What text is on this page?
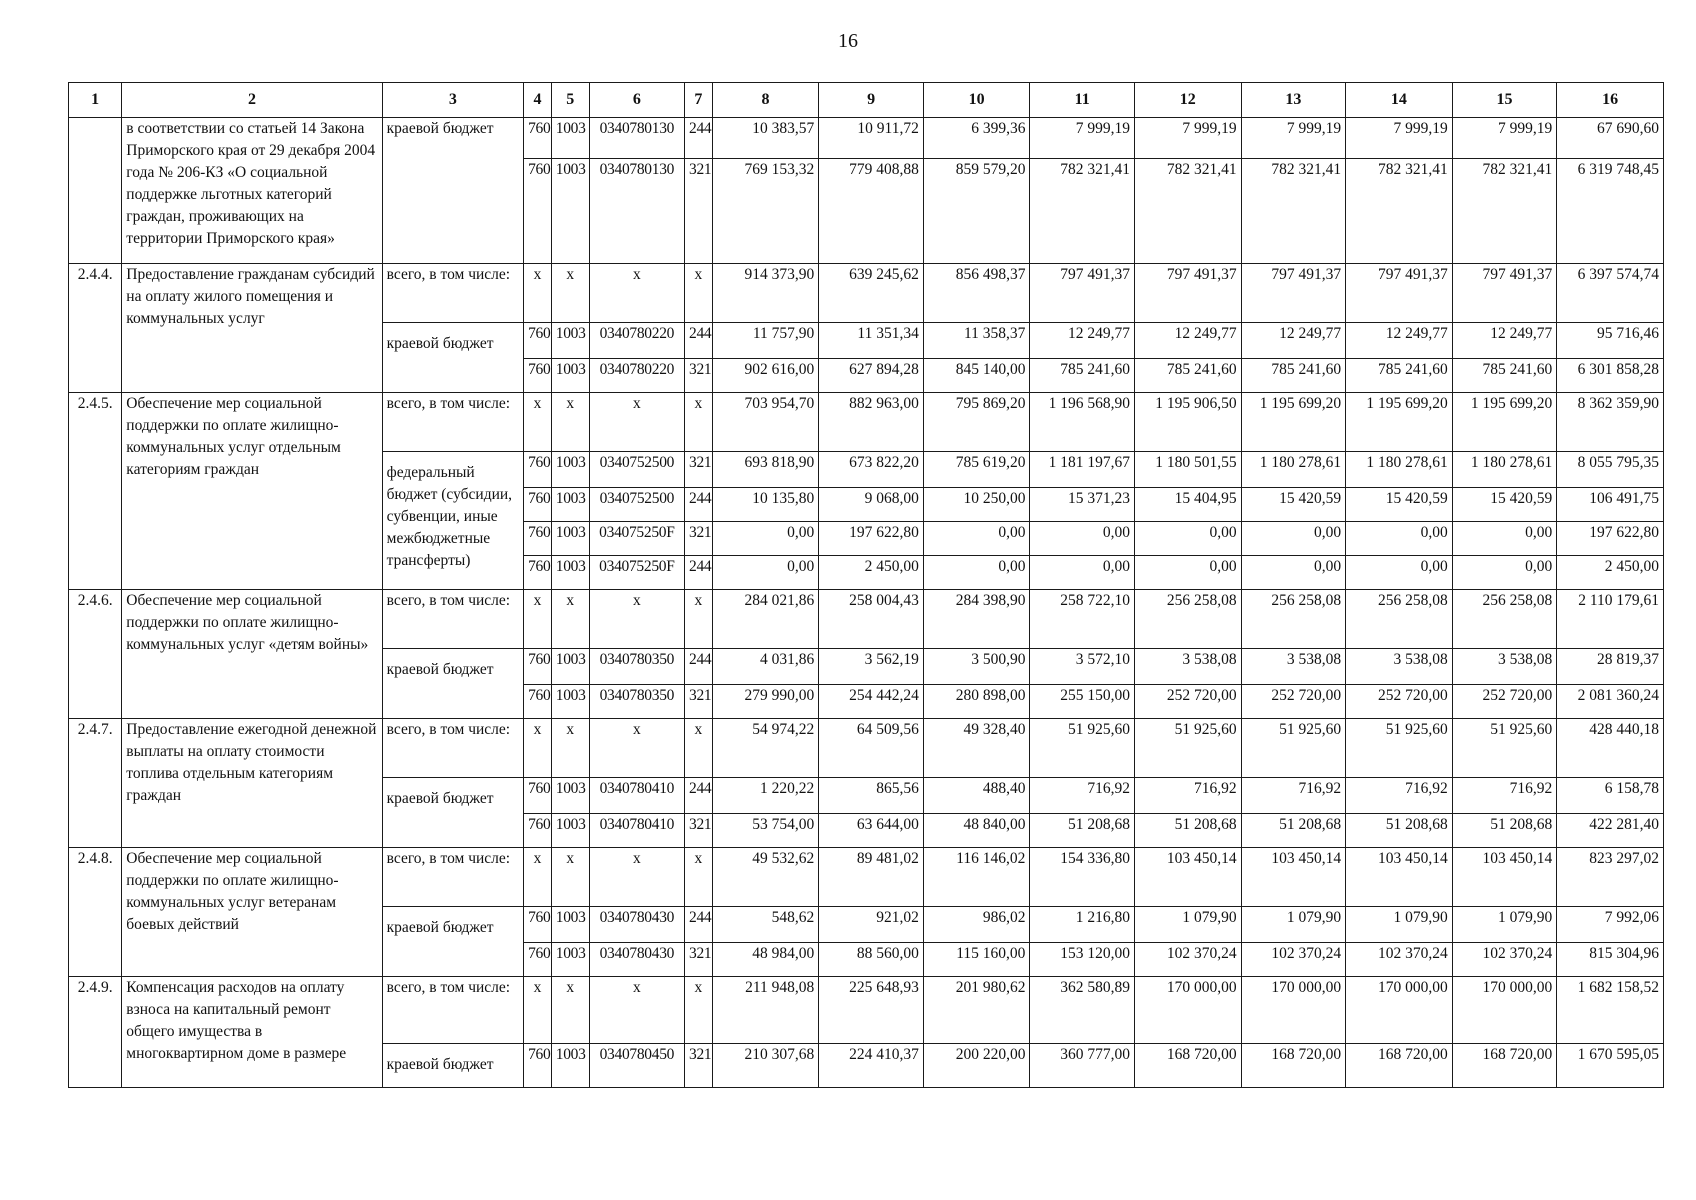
16
1	2	3	4	5	6	7	8	9	10	11	12	13	14	15	16
	в соответствии со статьей 14 Закона Приморского края от 29 декабря 2004 года № 206-КЗ «О социальной поддержке льготных категорий граждан, проживающих на территории Приморского края»	краевой бюджет	760	1003	0340780130	244	10 383,57	10 911,72	6 399,36	7 999,19	7 999,19	7 999,19	7 999,19	7 999,19	67 690,60
			760	1003	0340780130	321	769 153,32	779 408,88	859 579,20	782 321,41	782 321,41	782 321,41	782 321,41	782 321,41	6 319 748,45
2.4.4.	Предоставление гражданам субсидий на оплату жилого помещения и коммунальных услуг	всего, в том числе:	х	х	х	х	914 373,90	639 245,62	856 498,37	797 491,37	797 491,37	797 491,37	797 491,37	797 491,37	6 397 574,74
		краевой бюджет	760	1003	0340780220	244	11 757,90	11 351,34	11 358,37	12 249,77	12 249,77	12 249,77	12 249,77	12 249,77	95 716,46
			760	1003	0340780220	321	902 616,00	627 894,28	845 140,00	785 241,60	785 241,60	785 241,60	785 241,60	785 241,60	6 301 858,28
2.4.5.	Обеспечение мер социальной поддержки по оплате жилищно-коммунальных услуг отдельным категориям граждан	всего, в том числе:	х	х	х	х	703 954,70	882 963,00	795 869,20	1 196 568,90	1 195 906,50	1 195 699,20	1 195 699,20	1 195 699,20	8 362 359,90
		федеральный бюджет (субсидии, субвенции, иные межбюджетные трансферты)	760	1003	0340752500	321	693 818,90	673 822,20	785 619,20	1 181 197,67	1 180 501,55	1 180 278,61	1 180 278,61	1 180 278,61	8 055 795,35
			760	1003	0340752500	244	10 135,80	9 068,00	10 250,00	15 371,23	15 404,95	15 420,59	15 420,59	15 420,59	106 491,75
			760	1003	034075250F	321	0,00	197 622,80	0,00	0,00	0,00	0,00	0,00	0,00	197 622,80
			760	1003	034075250F	244	0,00	2 450,00	0,00	0,00	0,00	0,00	0,00	0,00	2 450,00
2.4.6.	Обеспечение мер социальной поддержки по оплате жилищно-коммунальных услуг «детям войны»	всего, в том числе:	х	х	х	х	284 021,86	258 004,43	284 398,90	258 722,10	256 258,08	256 258,08	256 258,08	256 258,08	2 110 179,61
		краевой бюджет	760	1003	0340780350	244	4 031,86	3 562,19	3 500,90	3 572,10	3 538,08	3 538,08	3 538,08	3 538,08	28 819,37
			760	1003	0340780350	321	279 990,00	254 442,24	280 898,00	255 150,00	252 720,00	252 720,00	252 720,00	252 720,00	2 081 360,24
2.4.7.	Предоставление ежегодной денежной выплаты на оплату стоимости топлива отдельным категориям граждан	всего, в том числе:	х	х	х	х	54 974,22	64 509,56	49 328,40	51 925,60	51 925,60	51 925,60	51 925,60	51 925,60	428 440,18
		краевой бюджет	760	1003	0340780410	244	1 220,22	865,56	488,40	716,92	716,92	716,92	716,92	716,92	6 158,78
			760	1003	0340780410	321	53 754,00	63 644,00	48 840,00	51 208,68	51 208,68	51 208,68	51 208,68	51 208,68	422 281,40
2.4.8.	Обеспечение мер социальной поддержки по оплате жилищно-коммунальных услуг ветеранам боевых действий	всего, в том числе:	х	х	х	х	49 532,62	89 481,02	116 146,02	154 336,80	103 450,14	103 450,14	103 450,14	103 450,14	823 297,02
		краевой бюджет	760	1003	0340780430	244	548,62	921,02	986,02	1 216,80	1 079,90	1 079,90	1 079,90	1 079,90	7 992,06
			760	1003	0340780430	321	48 984,00	88 560,00	115 160,00	153 120,00	102 370,24	102 370,24	102 370,24	102 370,24	815 304,96
2.4.9.	Компенсация расходов на оплату взноса на капитальный ремонт общего имущества в многоквартирном доме в размере	всего, в том числе:	х	х	х	х	211 948,08	225 648,93	201 980,62	362 580,89	170 000,00	170 000,00	170 000,00	170 000,00	1 682 158,52
		краевой бюджет	760	1003	0340780450	321	210 307,68	224 410,37	200 220,00	360 777,00	168 720,00	168 720,00	168 720,00	168 720,00	1 670 595,05
